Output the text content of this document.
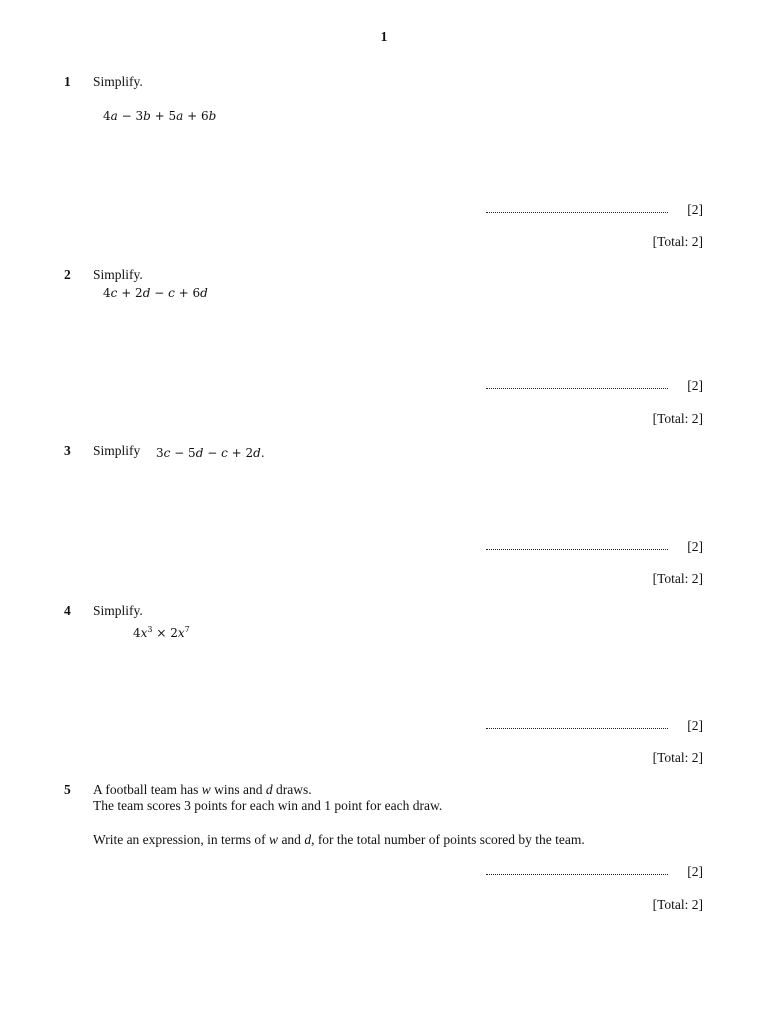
1
1 Simplify.
4a − 3b + 5a + 6b
[2]
[Total: 2]
2 Simplify.
4c + 2d − c + 6d
[2]
[Total: 2]
3 Simplify 3c − 5d − c + 2d.
[2]
[Total: 2]
4 Simplify.
$4x^3 \times 2x^7$
[2]
[Total: 2]
5 A football team has w wins and d draws.
The team scores 3 points for each win and 1 point for each draw.
Write an expression, in terms of w and d, for the total number of points scored by the team.
[2]
[Total: 2]
